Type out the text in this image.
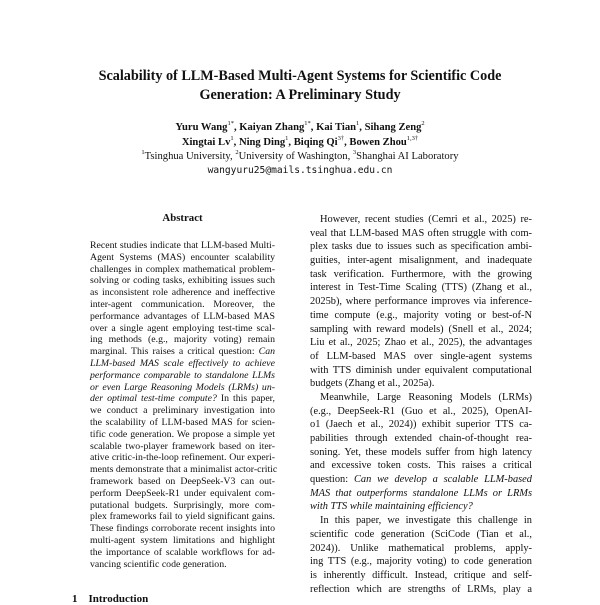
Scalability of LLM-Based Multi-Agent Systems for Scientific Code
Generation: A Preliminary Study
Yuru Wang$^{1*}$, Kaiyan Zhang$^{1*}$, Kai Tian$^1$, Sihang Zeng$^2$
Xingtai Lv$^1$, Ning Ding$^1$, Biqing $Qi^{3\dagger}$, Bowen Zhou$^{1,3\dagger}$
$^1$Tsinghua University, $^2$University of Washington, $^3$Shanghai AI Laboratory
wangyuru25@mails.tsinghua.edu.cn
Abstract
Recent studies indicate that LLM-based Multi-
Agent Systems (MAS) encounter scalability
challenges in complex mathematical problem-
solving or coding tasks, exhibiting issues such
as inconsistent role adherence and ineffective
inter-agent communication. Moreover, the
performance advantages of LLM-based MAS
over a single agent employing test-time scal-
ing methods (e.g., majority voting) remain
marginal. This raises a critical question: Can
LLM-based MAS scale effectively to achieve
performance comparable to standalone LLMs
or even Large Reasoning Models (LRMs) un-
der optimal test-time compute? In this paper,
we conduct a preliminary investigation into
the scalability of LLM-based MAS for scien-
tific code generation. We propose a simple yet
scalable two-player framework based on iter-
ative critic-in-the-loop refinement. Our experi-
ments demonstrate that a minimalist actor-critic
framework based on DeepSeek-V3 can out-
perform DeepSeek-R1 under equivalent com-
putational budgets. Surprisingly, more com-
plex frameworks fail to yield significant gains.
These findings corroborate recent insights into
multi-agent system limitations and highlight
the importance of scalable workflows for ad-
vancing scientific code generation.
However, recent studies (Cemri et al., 2025) re-
veal that LLM-based MAS often struggle with com-
plex tasks due to issues such as specification ambi-
guities, inter-agent misalignment, and inadequate
task verification. Furthermore, with the growing
interest in Test-Time Scaling (TTS) (Zhang et al.,
2025b), where performance improves via inference-
time compute (e.g., majority voting or best-of-N
sampling with reward models) (Snell et al., 2024;
Liu et al., 2025; Zhao et al., 2025), the advantages
of LLM-based MAS over single-agent systems
with TTS diminish under equivalent computational
budgets (Zhang et al., 2025a).
Meanwhile, Large Reasoning Models (LRMs)
(e.g., DeepSeek-R1 (Guo et al., 2025), OpenAI-
o1 (Jaech et al., 2024)) exhibit superior TTS ca-
pabilities through extended chain-of-thought rea-
soning. Yet, these models suffer from high latency
and excessive token costs. This raises a critical
question: Can we develop a scalable LLM-based
MAS that outperforms standalone LLMs or LRMs
with TTS while maintaining efficiency?
In this paper, we investigate this challenge in
scientific code generation (SciCode (Tian et al.,
2024)). Unlike mathematical problems, apply-
ing TTS (e.g., majority voting) to code generation
is inherently difficult. Instead, critique and self-
reflection which are strengths of LRMs, play a
1 Introduction
